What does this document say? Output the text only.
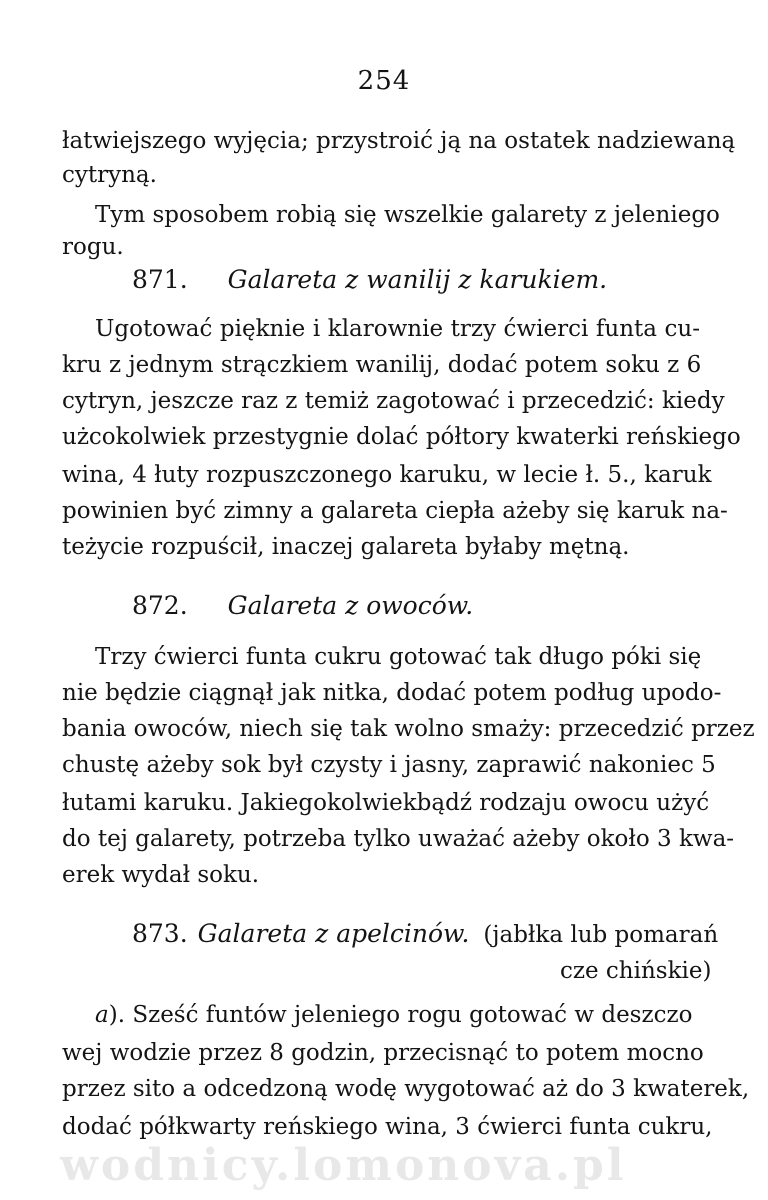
254
łatwiejszego wyjęcia; przystroić ją na ostatek nadziewaną
cytryną.
Tym sposobem robią się wszelkie galarety z jeleniego
rogu.
871. Galareta z wanilij z karukiem.
Ugotować pięknie i klarownie trzy ćwierci funta cu-
kru z jednym strączkiem wanilij, dodać potem soku z 6
cytryn, jeszcze raz z temiż zagotować i przecedzić: kiedy
użcokolwiek przestygnie dolać półtory kwaterki reńskiego
wina, 4 łuty rozpuszczonego karuku, w lecie ł. 5., karuk
powinien być zimny a galareta ciepła ażeby się karuk na-
teżycie rozpuścił, inaczej galareta byłaby mętną.
872. Galareta z owoców.
Trzy ćwierci funta cukru gotować tak długo póki się
nie będzie ciągnął jak nitka, dodać potem podług upodo-
bania owoców, niech się tak wolno smaży: przecedzić przez
chustę ażeby sok był czysty i jasny, zaprawić nakoniec 5
łutami karuku. Jakiegokolwiekbądź rodzaju owocu użyć
do tej galarety, potrzeba tylko uważać ażeby około 3 kwa-
erek wydał soku.
873. Galareta z apelcinów. (jabłka lub pomarań
cze chińskie)
a). Sześć funtów jeleniego rogu gotować w deszczo
wej wodzie przez 8 godzin, przecisnąć to potem mocno
przez sito a odcedzoną wodę wygotować aż do 3 kwaterek,
dodać półkwarty reńskiego wina, 3 ćwierci funta cukru,
wodnicy.lomonova.pl
